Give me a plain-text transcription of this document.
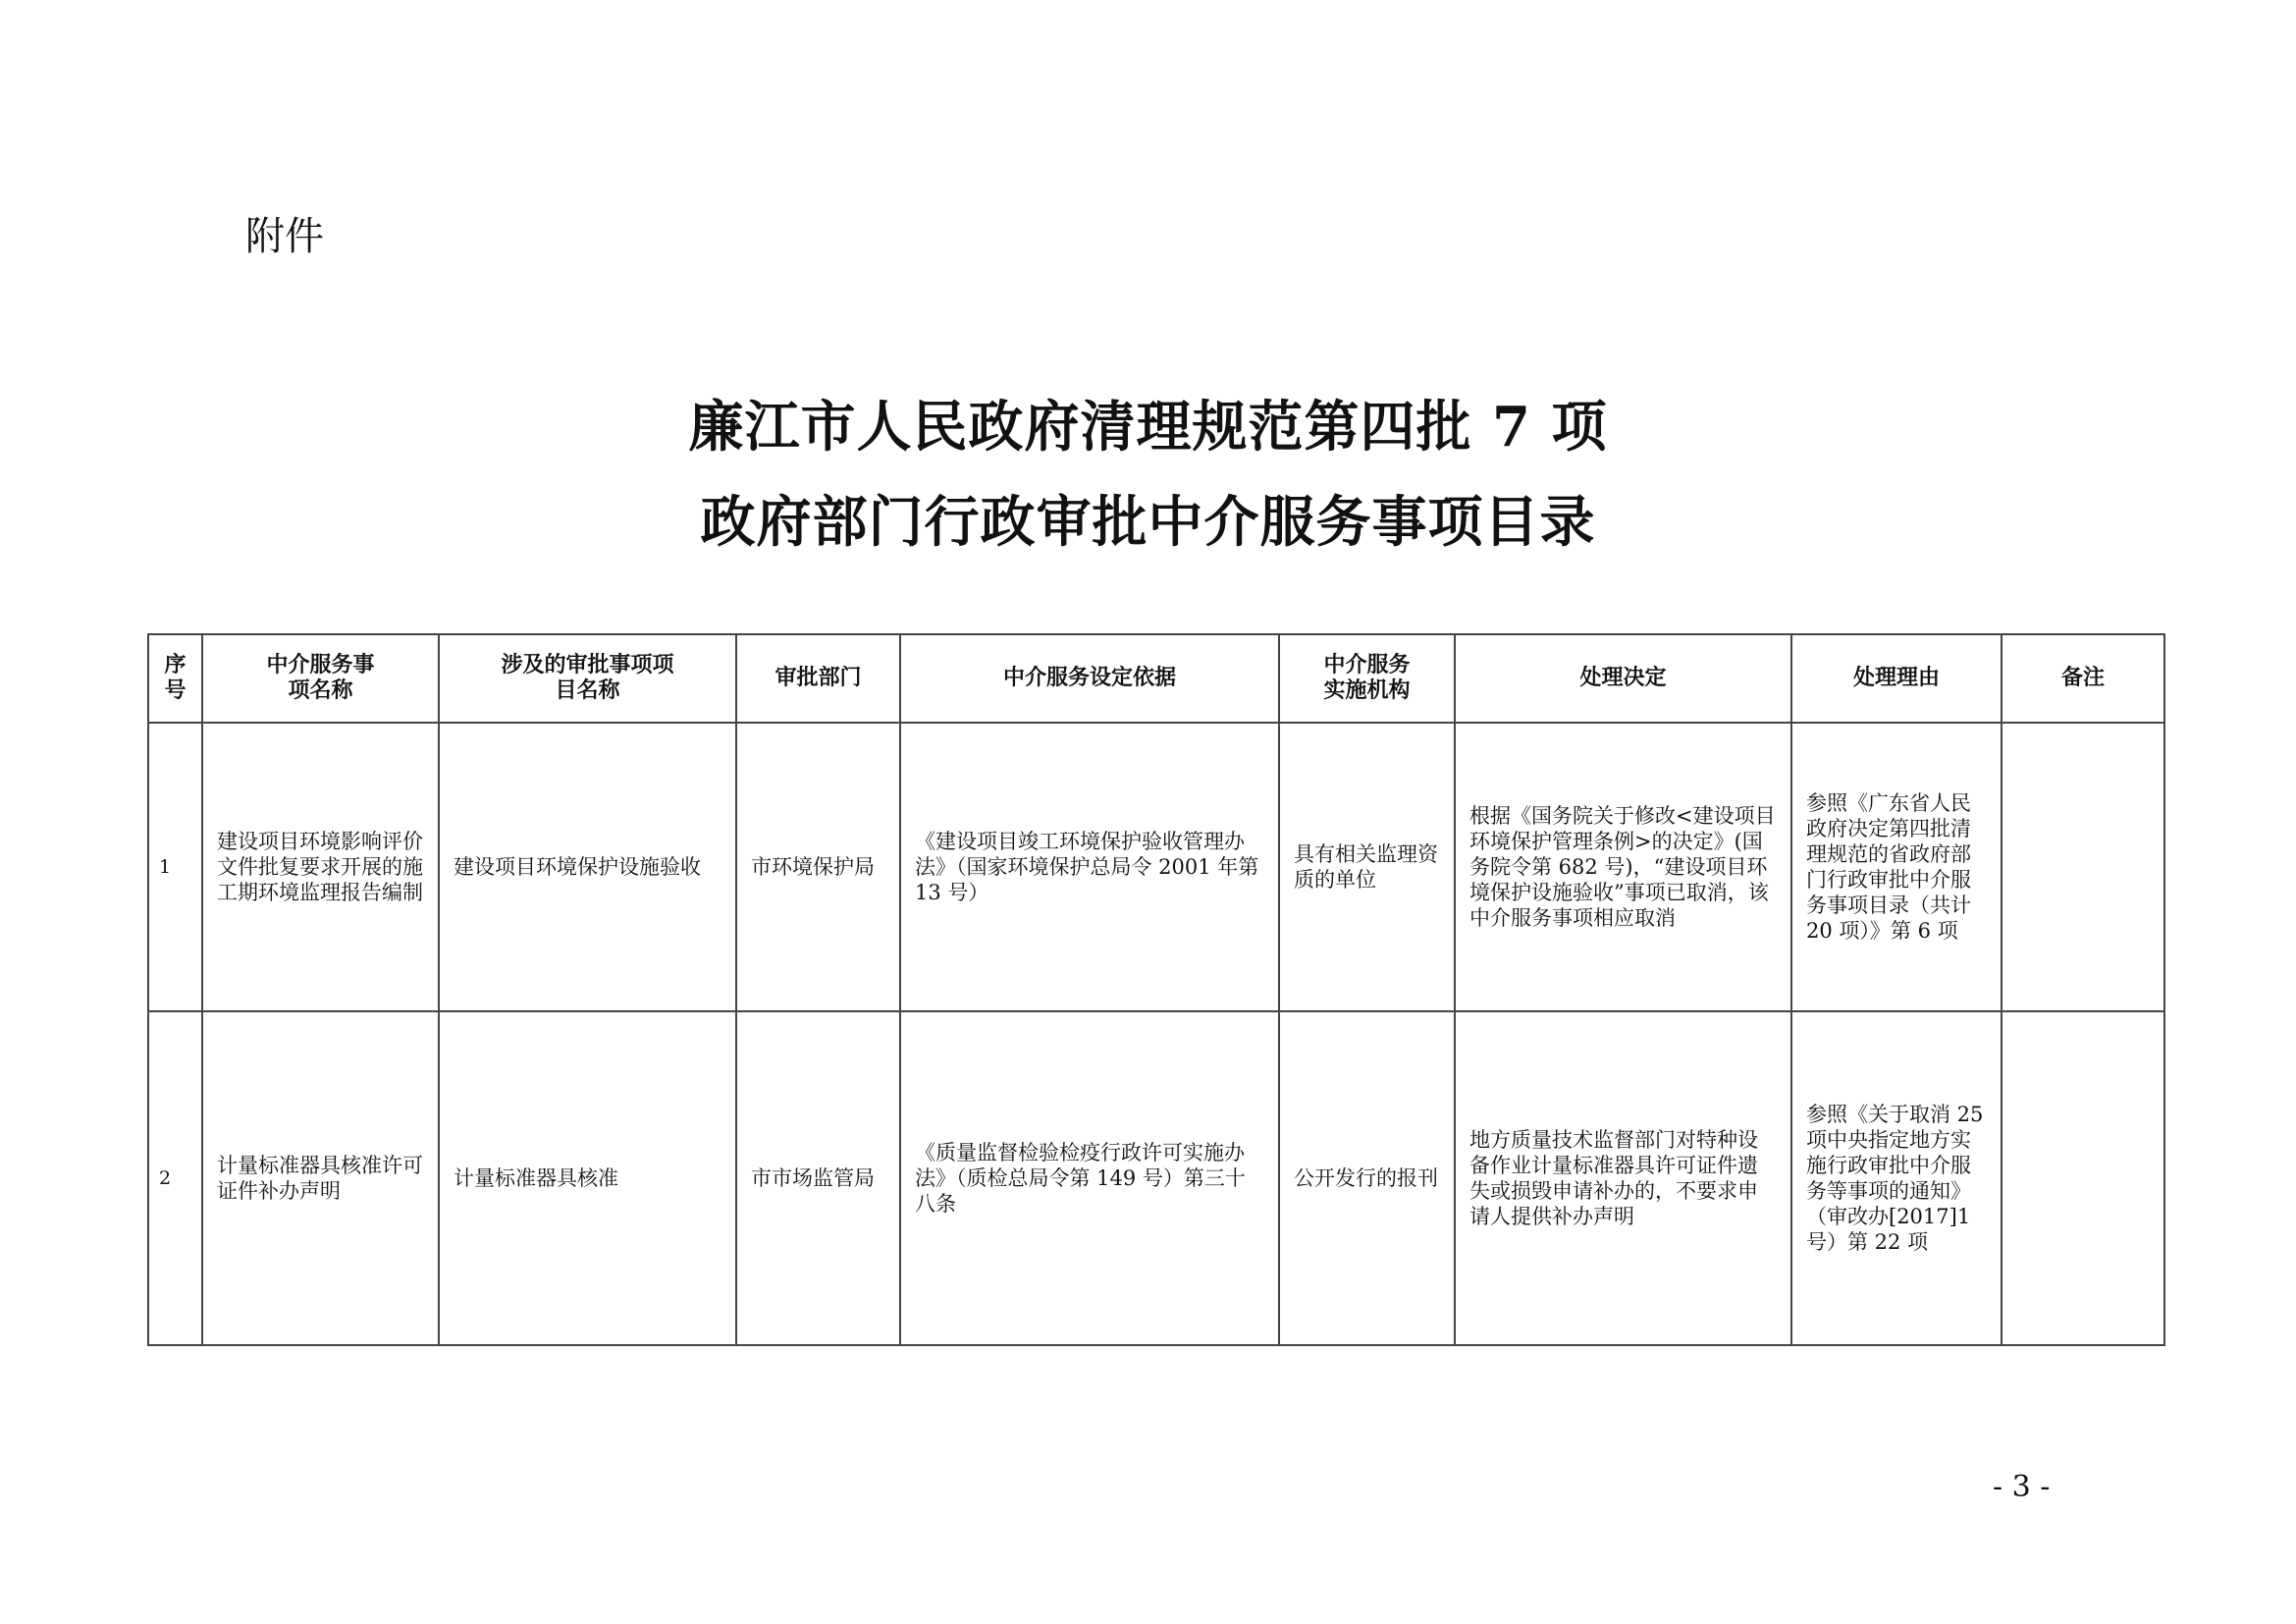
附件
廉江市人民政府清理规范第四批 7 项
政府部门行政审批中介服务事项目录
序号	中介服务事项名称	涉及的审批事项项目名称	审批部门	中介服务设定依据	中介服务实施机构	处理决定	处理理由	备注
1	建设项目环境影响评价文件批复要求开展的施工期环境监理报告编制	建设项目环境保护设施验收	市环境保护局	《建设项目竣工环境保护验收管理办法》（国家环境保护总局令 2001 年第 13 号）	具有相关监理资质的单位	根据《国务院关于修改<建设项目环境保护管理条例>的决定》(国务院令第 682 号)，“建设项目环境保护设施验收”事项已取消，该中介服务事项相应取消	参照《广东省人民政府决定第四批清理规范的省政府部门行政审批中介服务事项目录（共计 20 项）》第 6 项	
2	计量标准器具核准许可证件补办声明	计量标准器具核准	市市场监管局	《质量监督检验检疫行政许可实施办法》（质检总局令第 149 号）第三十八条	公开发行的报刊	地方质量技术监督部门对特种设备作业计量标准器具许可证件遗失或损毁申请补办的，不要求申请人提供补办声明	参照《关于取消 25 项中央指定地方实施行政审批中介服务等事项的通知》（审改办[2017]1 号）第 22 项	
- 3 -
